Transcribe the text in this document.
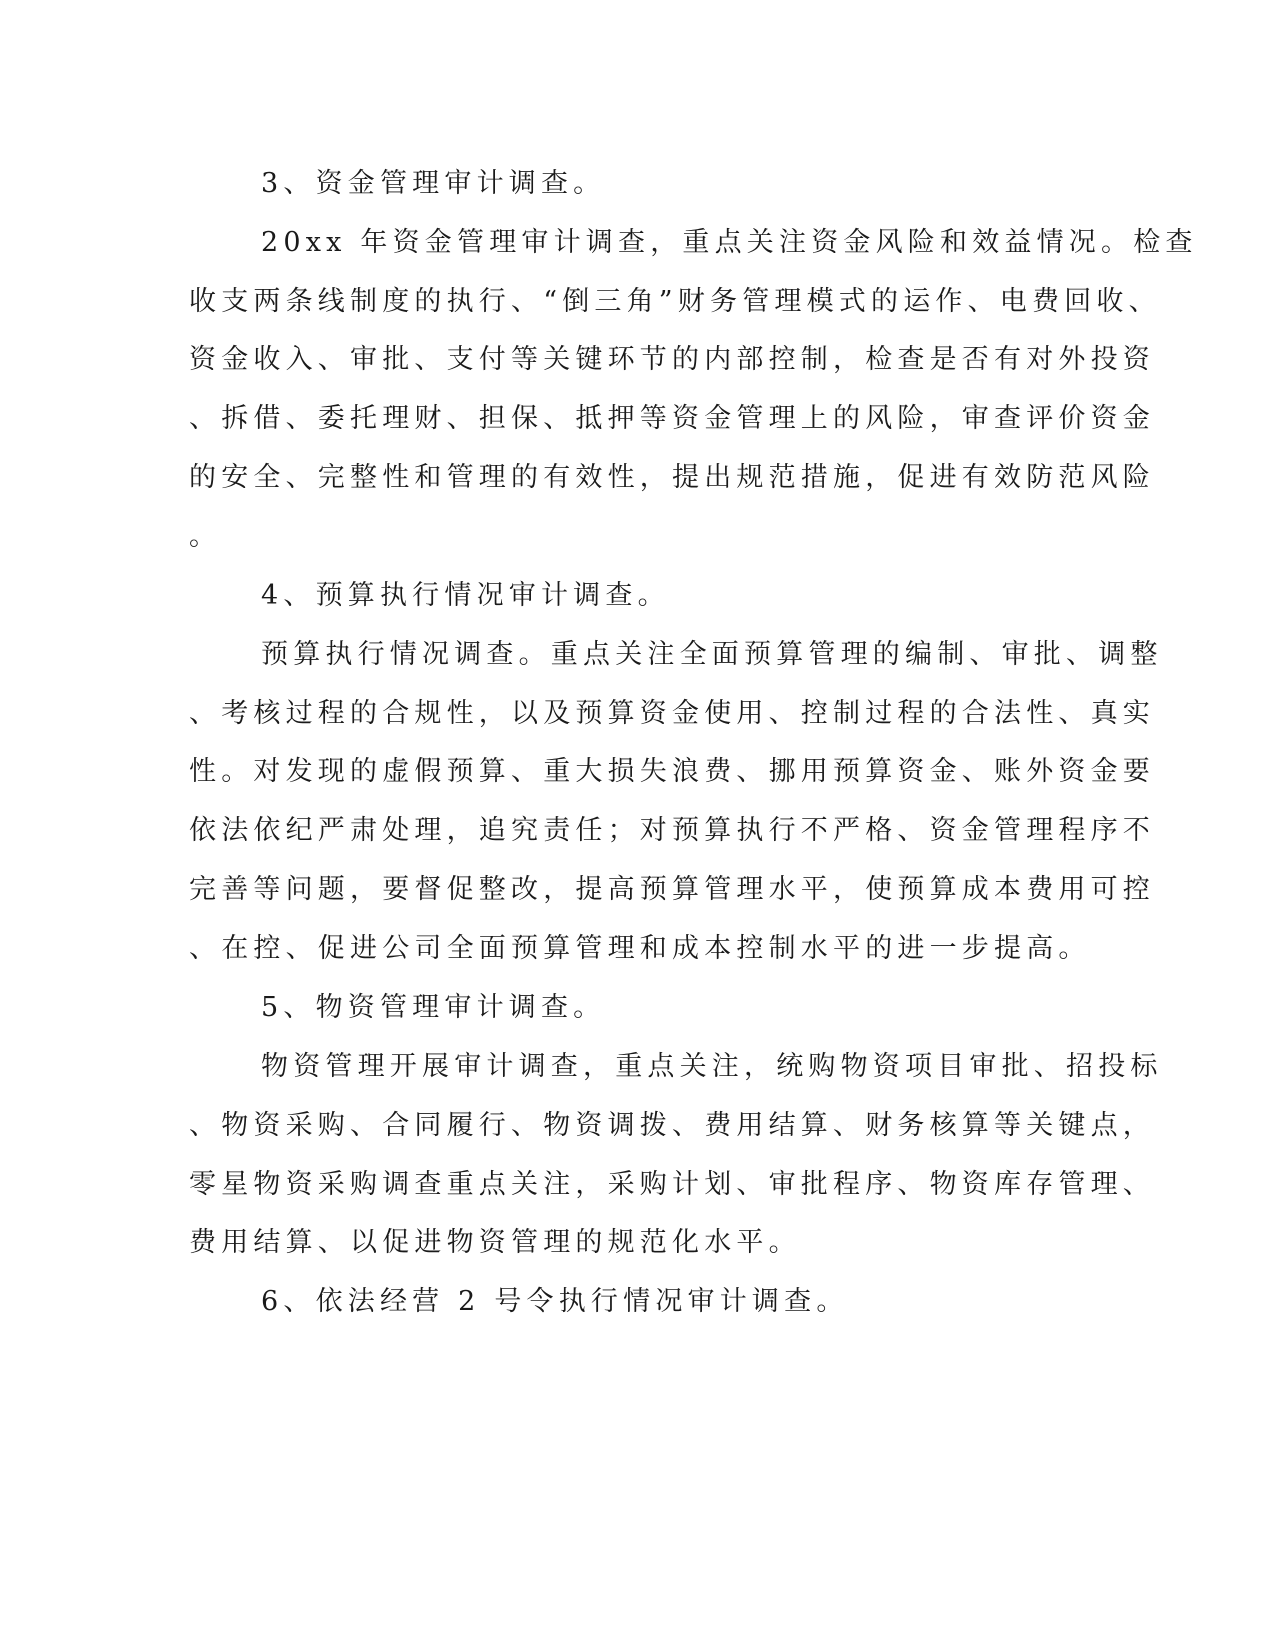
3、资金管理审计调查。
20xx 年资金管理审计调查，重点关注资金风险和效益情况。检查
收支两条线制度的执行、“倒三角”财务管理模式的运作、电费回收、
资金收入、审批、支付等关键环节的内部控制，检查是否有对外投资
、拆借、委托理财、担保、抵押等资金管理上的风险，审查评价资金
的安全、完整性和管理的有效性，提出规范措施，促进有效防范风险
。
4、预算执行情况审计调查。
预算执行情况调查。重点关注全面预算管理的编制、审批、调整
、考核过程的合规性，以及预算资金使用、控制过程的合法性、真实
性。对发现的虚假预算、重大损失浪费、挪用预算资金、账外资金要
依法依纪严肃处理，追究责任；对预算执行不严格、资金管理程序不
完善等问题，要督促整改，提高预算管理水平，使预算成本费用可控
、在控、促进公司全面预算管理和成本控制水平的进一步提高。
5、物资管理审计调查。
物资管理开展审计调查，重点关注，统购物资项目审批、招投标
、物资采购、合同履行、物资调拨、费用结算、财务核算等关键点，
零星物资采购调查重点关注，采购计划、审批程序、物资库存管理、
费用结算、以促进物资管理的规范化水平。
6、依法经营 2 号令执行情况审计调查。
